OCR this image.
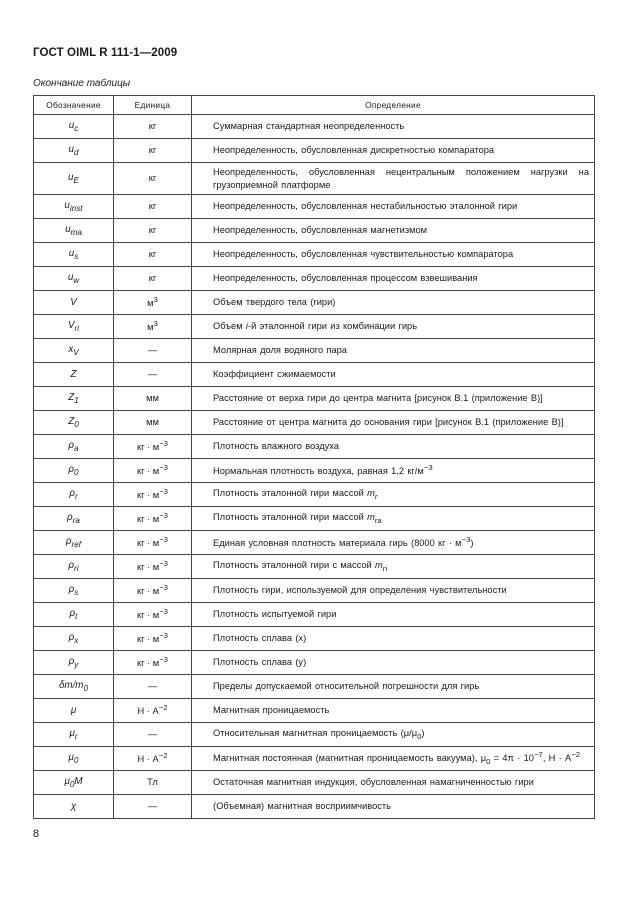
ГОСТ OIML R 111-1—2009
Окончание таблицы
Обозначение	Единица	Определение
$u_c$	кг	Суммарная стандартная неопределенность
$u_d$	кг	Неопределенность, обусловленная дискретностью компаратора
$u_E$	кг	Неопределенность, обусловленная нецентральным положением нагрузки на грузоприемной платформе
$u_{inst}$	кг	Неопределенность, обусловленная нестабильностью эталонной гири
$u_{ma}$	кг	Неопределенность, обусловленная магнетизмом
$u_s$	кг	Неопределенность, обусловленная чувствительностью компаратора
$u_w$	кг	Неопределенность, обусловленная процессом взвешивания
V	$м^3$	Объем твердого тела (гири)
$V_{ri}$	$м^3$	Объем i-й эталонной гири из комбинации гирь
$x_V$	—	Молярная доля водяного пара
Z	—	Коэффициент сжимаемости
$Z_1$	мм	Расстояние от верха гири до центра магнита [рисунок В.1 (приложение В)]
$Z_0$	мм	Расстояние от центра магнита до основания гири [рисунок В.1 (приложение В)]
$\rho_a$	кг · $м^{-3}$	Плотность влажного воздуха
$\rho_0$	кг · $м^{-3}$	Нормальная плотность воздуха, равная 1,2 $кг/м^{-3}$
$\rho_r$	кг · $м^{-3}$	Плотность эталонной гири массой $m_r$
$\rho_{ra}$	кг · $м^{-3}$	Плотность эталонной гири массой $m_{ra}$
$\rho_{ref}$	кг · $м^{-3}$	Единая условная плотность материала гирь (8000 кг · $м^{-3}$)
$\rho_{ri}$	кг · $м^{-3}$	Плотность эталонной гири с массой $m_{ri}$
$\rho_s$	кг · $м^{-3}$	Плотность гири, используемой для определения чувствительности
$\rho_t$	кг · $м^{-3}$	Плотность испытуемой гири
$\rho_x$	кг · $м^{-3}$	Плотность сплава (x)
$\rho_y$	кг · $м^{-3}$	Плотность сплава (y)
$\delta m/m_0$	—	Пределы допускаемой относительной погрешности для гирь
μ	$Н \cdot А^{-2}$	Магнитная проницаемость
$\mu_r$	—	Относительная магнитная проницаемость $(\mu/\mu_0)$
$\mu_0$	$Н \cdot А^{-2}$	Магнитная постоянная (магнитная проницаемость вакуума), $\mu_0 = 4\pi \cdot 10^{-7}$, $Н \cdot А^{-2}$
$\mu_0M$	Тл	Остаточная магнитная индукция, обусловленная намагниченностью гири
χ	—	(Объемная) магнитная восприимчивость
8
